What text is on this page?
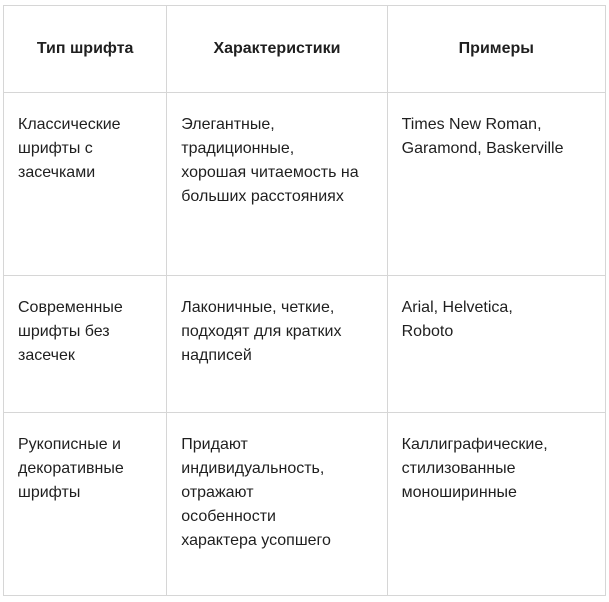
Тип шрифта	Характеристики	Примеры

Классические шрифты с засечками	Элегантные, традиционные, хорошая читаемость на больших расстояниях	Times New Roman, Garamond, Baskerville

Современные шрифты без засечек	Лаконичные, четкие, подходят для кратких надписей	Arial, Helvetica, Roboto

Рукописные и декоративные шрифты	Придают индивидуальность, отражают особенности характера усопшего	Каллиграфические, стилизованные моноширинные
